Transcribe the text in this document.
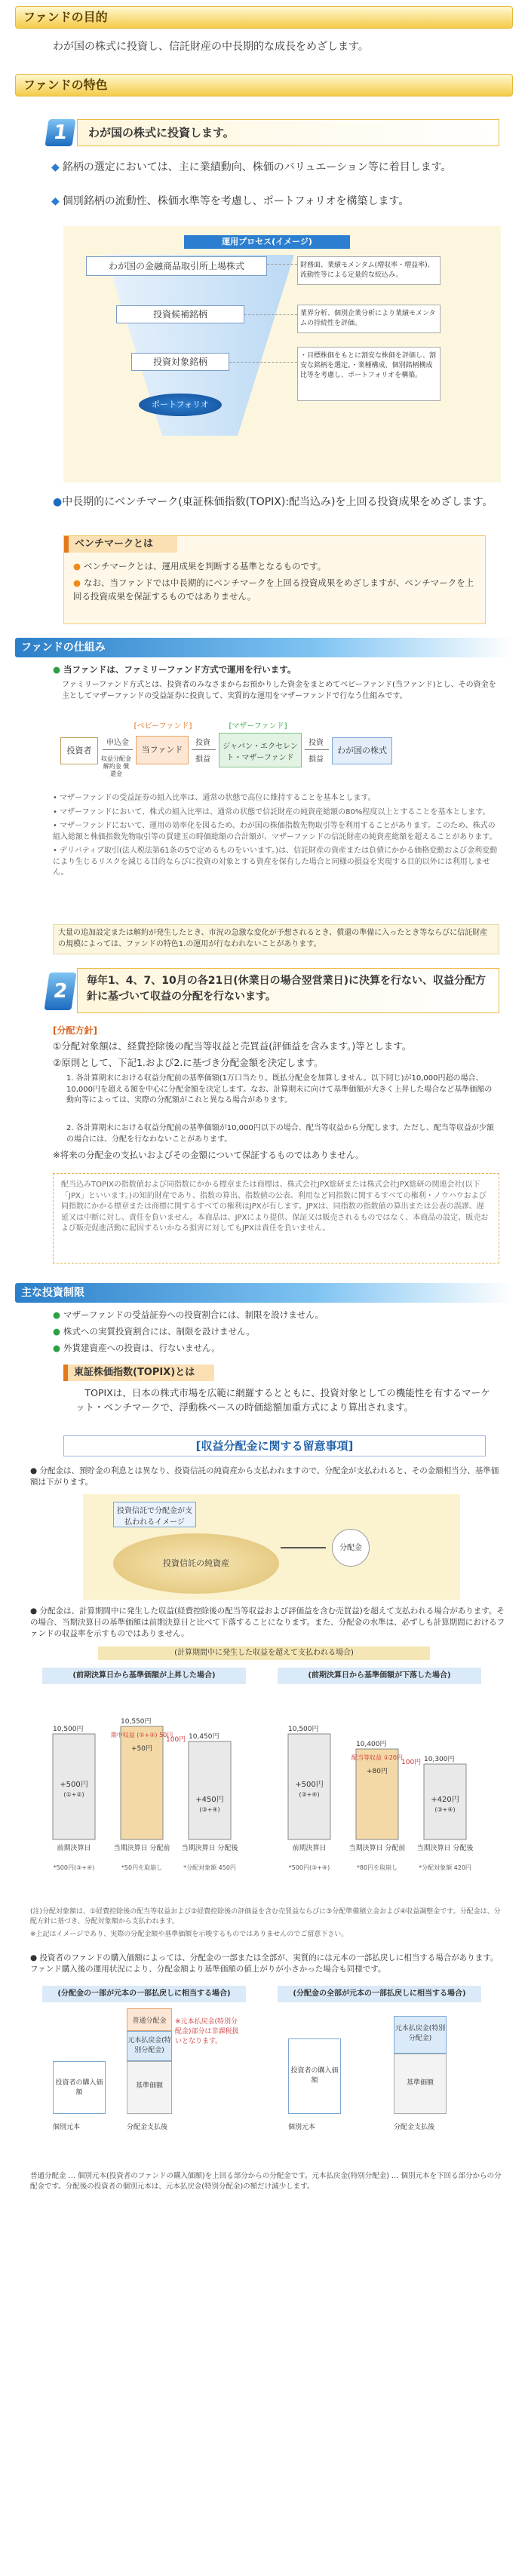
ファンドの目的
わが国の株式に投資し、信託財産の中長期的な成長をめざします。
ファンドの特色
1	わが国の株式に投資します。
◆ 銘柄の選定においては、主に業績動向、株価のバリュエーション等に着目します。
◆ 個別銘柄の流動性、株価水準等を考慮し、ポートフォリオを構築します。
運用プロセス(イメージ)
わが国の金融商品取引所上場株式
投資候補銘柄
投資対象銘柄
ポートフォリオ
財務面、業績モメンタム(増収率・増益率)、流動性等による定量的な絞込み。
業界分析、個別企業分析により業績モメンタムの持続性を評価。
・目標株価をもとに割安な株価を評価し、割安な銘柄を選定。・業種構成、個別銘柄構成比等を考慮し、ポートフォリオを構築。
●中長期的にベンチマーク(東証株価指数(TOPIX):配当込み)を上回る投資成果をめざします。
ベンチマークとは
● ベンチマークとは、運用成果を判断する基準となるものです。
● なお、当ファンドでは中長期的にベンチマークを上回る投資成果をめざしますが、ベンチマークを上回る投資成果を保証するものではありません。
ファンドの仕組み
● 当ファンドは、ファミリーファンド方式で運用を行います。
ファミリーファンド方式とは、投資者のみなさまからお預かりした資金をまとめてベビーファンド(当ファンド)とし、その資金を主としてマザーファンドの受益証券に投資して、実質的な運用をマザーファンドで行なう仕組みです。
投資者
申込金
収益分配金 解約金 償還金
[ベビーファンド]
当ファンド
投資
損益
[マザーファンド]
ジャパン・エクセレント・マザーファンド
投資
損益
わが国の株式
• マザーファンドの受益証券の組入比率は、通常の状態で高位に維持することを基本とします。
• マザーファンドにおいて、株式の組入比率は、通常の状態で信託財産の純資産総額の80%程度以上とすることを基本とします。
• マザーファンドにおいて、運用の効率化を図るため、わが国の株価指数先物取引等を利用することがあります。このため、株式の組入総額と株価指数先物取引等の買建玉の時価総額の合計額が、マザーファンドの信託財産の純資産総額を超えることがあります。
• デリバティブ取引(法人税法第61条の5で定めるものをいいます。)は、信託財産の資産または負債にかかる価格変動および金利変動により生じるリスクを減じる目的ならびに投資の対象とする資産を保有した場合と同様の損益を実現する目的以外には利用しません。
大量の追加設定または解約が発生したとき、市況の急激な変化が予想されるとき、償還の準備に入ったとき等ならびに信託財産の規模によっては、ファンドの特色1.の運用が行なわれないことがあります。
2	毎年1、4、7、10月の各21日(休業日の場合翌営業日)に決算を行ない、収益分配方針に基づいて収益の分配を行ないます。
[分配方針]
①分配対象額は、経費控除後の配当等収益と売買益(評価益を含みます。)等とします。
②原則として、下記1.および2.に基づき分配金額を決定します。
1. 各計算期末における収益分配前の基準価額(1万口当たり。既払分配金を加算しません。以下同じ)が10,000円超の場合、10,000円を超える額を中心に分配金額を決定します。なお、計算期末に向けて基準価額が大きく上昇した場合など基準価額の動向等によっては、実際の分配額がこれと異なる場合があります。
2. 各計算期末における収益分配前の基準価額が10,000円以下の場合、配当等収益から分配します。ただし、配当等収益が少額の場合には、分配を行なわないことがあります。
※将来の分配金の支払いおよびその金額について保証するものではありません。
配当込みTOPIXの指数値および同指数にかかる標章または商標は、株式会社JPX総研または株式会社JPX総研の関連会社(以下「JPX」といいます。)の知的財産であり、指数の算出、指数値の公表、利用など同指数に関するすべての権利・ノウハウおよび同指数にかかる標章または商標に関するすべての権利はJPXが有します。JPXは、同指数の指数値の算出または公表の誤謬、遅延又は中断に対し、責任を負いません。本商品は、JPXにより提供、保証又は販売されるものではなく、本商品の設定、販売および販売促進活動に起因するいかなる損害に対してもJPXは責任を負いません。
主な投資制限
● マザーファンドの受益証券への投資割合には、制限を設けません。
● 株式への実質投資割合には、制限を設けません。
● 外貨建資産への投資は、行ないません。
東証株価指数(TOPIX)とは
TOPIXは、日本の株式市場を広範に網羅するとともに、投資対象としての機能性を有するマーケット・ベンチマークで、浮動株ベースの時価総額加重方式により算出されます。
[収益分配金に関する留意事項]
● 分配金は、預貯金の利息とは異なり、投資信託の純資産から支払われますので、分配金が支払われると、その金額相当分、基準価額は下がります。
投資信託で分配金が支払われるイメージ
投資信託の純資産
分配金
● 分配金は、計算期間中に発生した収益(経費控除後の配当等収益および評価益を含む売買益)を超えて支払われる場合があります。その場合、当期決算日の基準価額は前期決算日と比べて下落することになります。また、分配金の水準は、必ずしも計算期間におけるファンドの収益率を示すものではありません。
(計算期間中に発生した収益を超えて支払われる場合)
(前期決算日から基準価額が上昇した場合)	(前期決算日から基準価額が下落した場合)
前期決算日
*500円(③+④)
当期決算日 分配前
*50円を取崩し
当期決算日 分配後
*分配対象額 450円
10,500円
10,550円
10,450円
+500円
(①+②)
期中収益 (①+②) 50円
+50円
100円
+450円
(③+④)
前期決算日
*500円(③+④)
当期決算日 分配前
*80円を取崩し
当期決算日 分配後
*分配対象額 420円
10,500円
10,400円
10,300円
+500円
(③+④)
配当等収益 ①20円
+80円
100円
+420円
(③+④)
(注)分配対象額は、①経費控除後の配当等収益および②経費控除後の評価益を含む売買益ならびに③分配準備積立金および④収益調整金です。分配金は、分配方針に基づき、分配対象額から支払われます。
※上記はイメージであり、実際の分配金額や基準価額を示唆するものではありませんのでご留意下さい。
● 投資者のファンドの購入価額によっては、分配金の一部または全部が、実質的には元本の一部払戻しに相当する場合があります。ファンド購入後の運用状況により、分配金額より基準価額の値上がりが小さかった場合も同様です。
(分配金の一部が元本の一部払戻しに相当する場合)	(分配金の全部が元本の一部払戻しに相当する場合)
投資者の購入価額
普通分配金
元本払戻金(特別分配金)
基準価額
※元本払戻金(特別分配金)部分は非課税扱いとなります。
個別元本	分配金支払後
投資者の購入価額
元本払戻金(特別分配金)
基準価額
個別元本	分配金支払後
普通分配金 … 個別元本(投資者のファンドの購入価額)を上回る部分からの分配金です。元本払戻金(特別分配金) … 個別元本を下回る部分からの分配金です。分配後の投資者の個別元本は、元本払戻金(特別分配金)の額だけ減少します。
